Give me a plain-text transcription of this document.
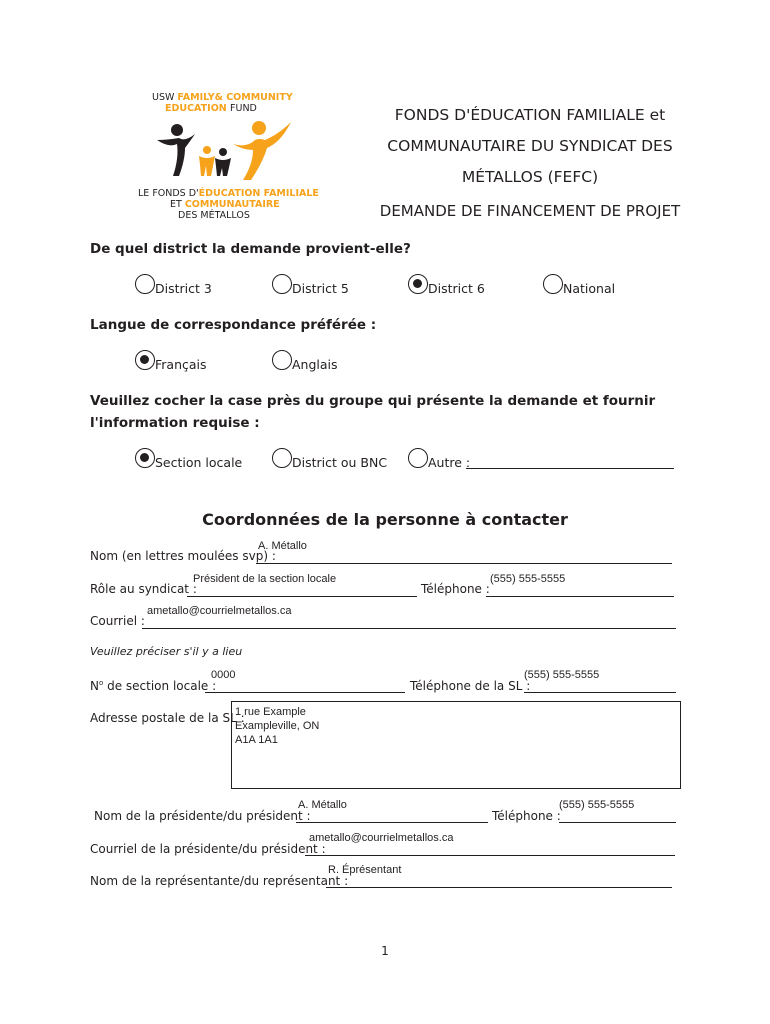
USW FAMILY& COMMUNITY
EDUCATION FUND
LE FONDS D'ÉDUCATION FAMILIALE
ET COMMUNAUTAIRE
DES MÉTALLOS
FONDS D'ÉDUCATION FAMILIALE et
COMMUNAUTAIRE DU SYNDICAT DES
MÉTALLOS (FEFC)
DEMANDE DE FINANCEMENT DE PROJET
De quel district la demande provient-elle?
District 3	District 5	District 6	National
Langue de correspondance préférée :
Français	Anglais
Veuillez cocher la case près du groupe qui présente la demande et fournir
l'information requise :
Section locale	District ou BNC	Autre :
Coordonnées de la personne à contacter
Nom (en lettres moulées svp) :
A. Métallo
Rôle au syndicat :
Président de la section locale
Téléphone :
(555) 555-5555
Courriel :
ametallo@courrielmetallos.ca
Veuillez préciser s'il y a lieu
$N^o$ de section locale :
0000
Téléphone de la SL :
(555) 555-5555
Adresse postale de la SL :
1 rue Example
Exampleville, ON
A1A 1A1
Nom de la présidente/du président :
A. Métallo
Téléphone :
(555) 555-5555
Courriel de la présidente/du président :
ametallo@courrielmetallos.ca
Nom de la représentante/du représentant :
R. Éprésentant
1
